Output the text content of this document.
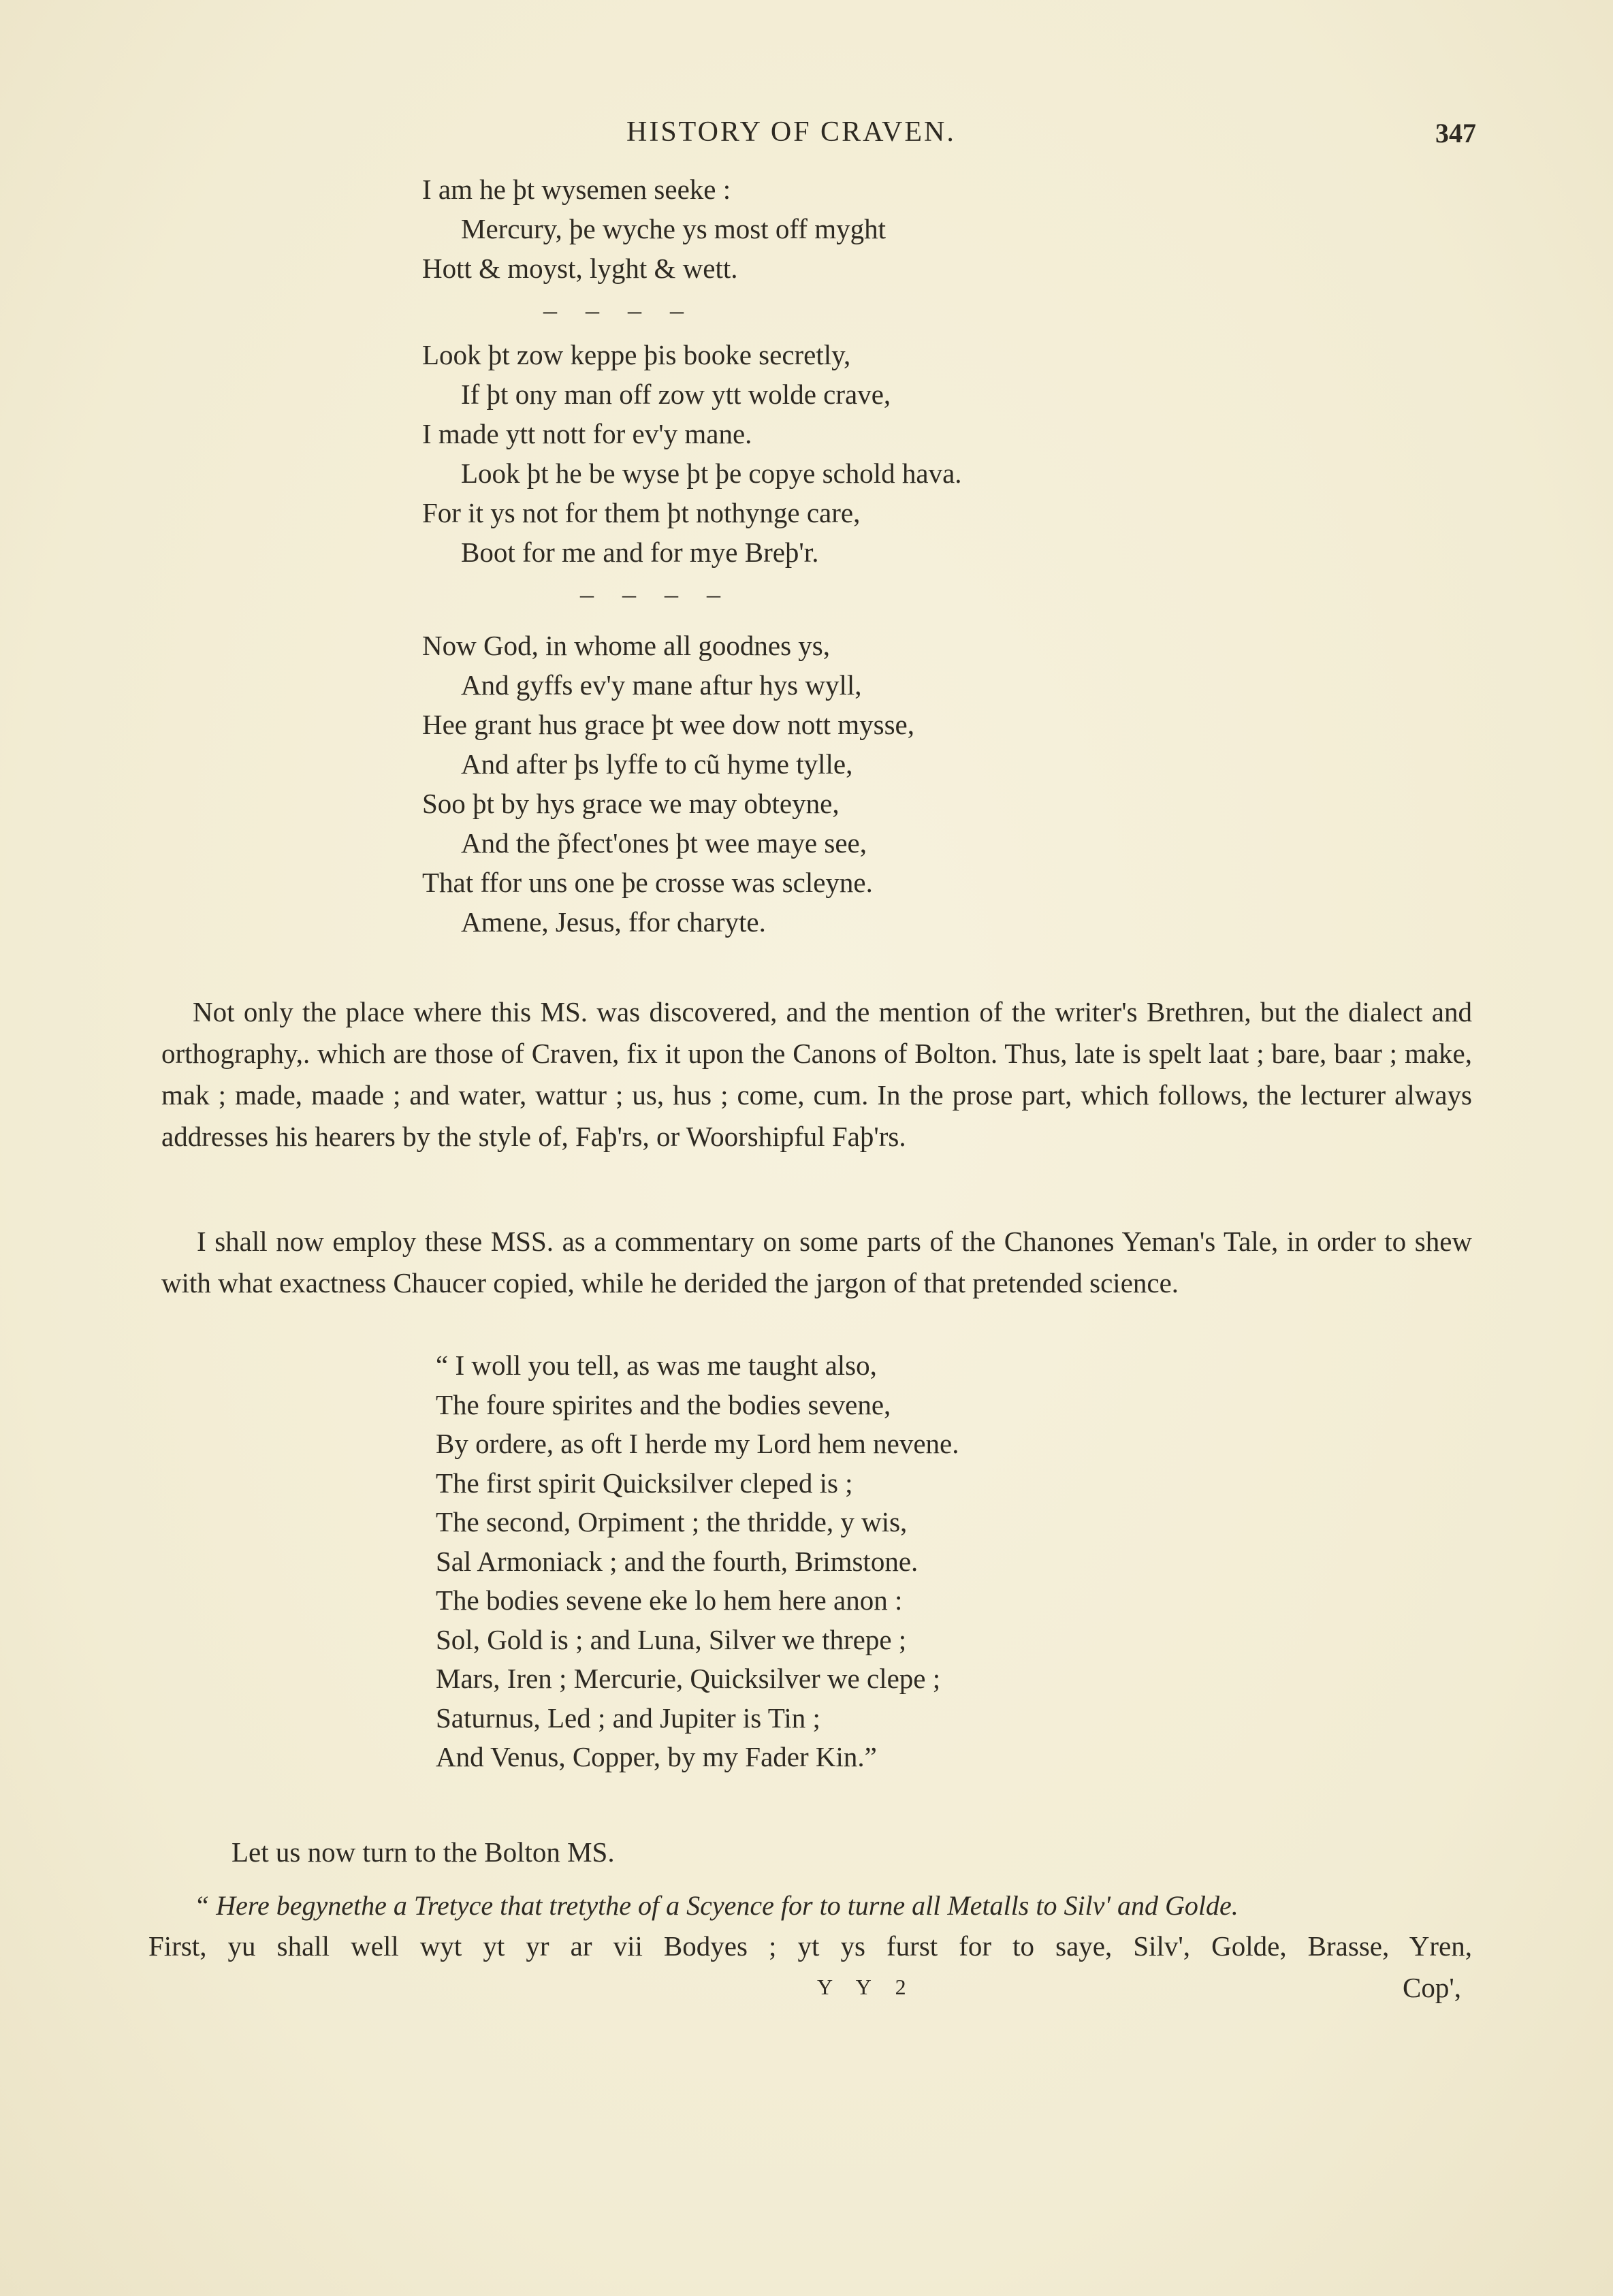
HISTORY OF CRAVEN.	347
I am he þt wysemen seeke :
Mercury, þe wyche ys most off myght
Hott & moyst, lyght & wett.
– – – –
Look þt zow keppe þis booke secretly,
If þt ony man off zow ytt wolde crave,
I made ytt nott for ev'y mane.
Look þt he be wyse þt þe copye schold hava.
For it ys not for them þt nothynge care,
Boot for me and for mye Breþ'r.
– – – –
Now God, in whome all goodnes ys,
And gyffs ev'y mane aftur hys wyll,
Hee grant hus grace þt wee dow nott mysse,
And after þs lyffe to cũ hyme tylle,
Soo þt by hys grace we may obteyne,
And the p̃fect'ones þt wee maye see,
That ffor uns one þe crosse was scleyne.
Amene, Jesus, ffor charyte.

Not only the place where this MS. was discovered, and the mention of the writer's Brethren, but the dialect and orthography,. which are those of Craven, fix it upon the Canons of Bolton. Thus, late is spelt laat ; bare, baar ; make, mak ; made, maade ; and water, wattur ; us, hus ; come, cum. In the prose part, which follows, the lecturer always addresses his hearers by the style of, Faþ'rs, or Woorshipful Faþ'rs.

I shall now employ these MSS. as a commentary on some parts of the Chanones Yeman's Tale, in order to shew with what exactness Chaucer copied, while he derided the jargon of that pretended science.

“ I woll you tell, as was me taught also,
The foure spirites and the bodies sevene,
By ordere, as oft I herde my Lord hem nevene.
The first spirit Quicksilver cleped is ;
The second, Orpiment ; the thridde, y wis,
Sal Armoniack ; and the fourth, Brimstone.
The bodies sevene eke lo hem here anon :
Sol, Gold is ; and Luna, Silver we threpe ;
Mars, Iren ; Mercurie, Quicksilver we clepe ;
Saturnus, Led ; and Jupiter is Tin ;
And Venus, Copper, by my Fader Kin.”
Let us now turn to the Bolton MS.
“ Here begynethe a Tretyce that tretythe of a Scyence for to turne all Metalls to Silv' and Golde.
First, yu shall well wyt yt yr ar vii Bodyes ; yt ys furst for to saye, Silv', Golde, Brasse, Yren,
Y Y 2	Cop',
